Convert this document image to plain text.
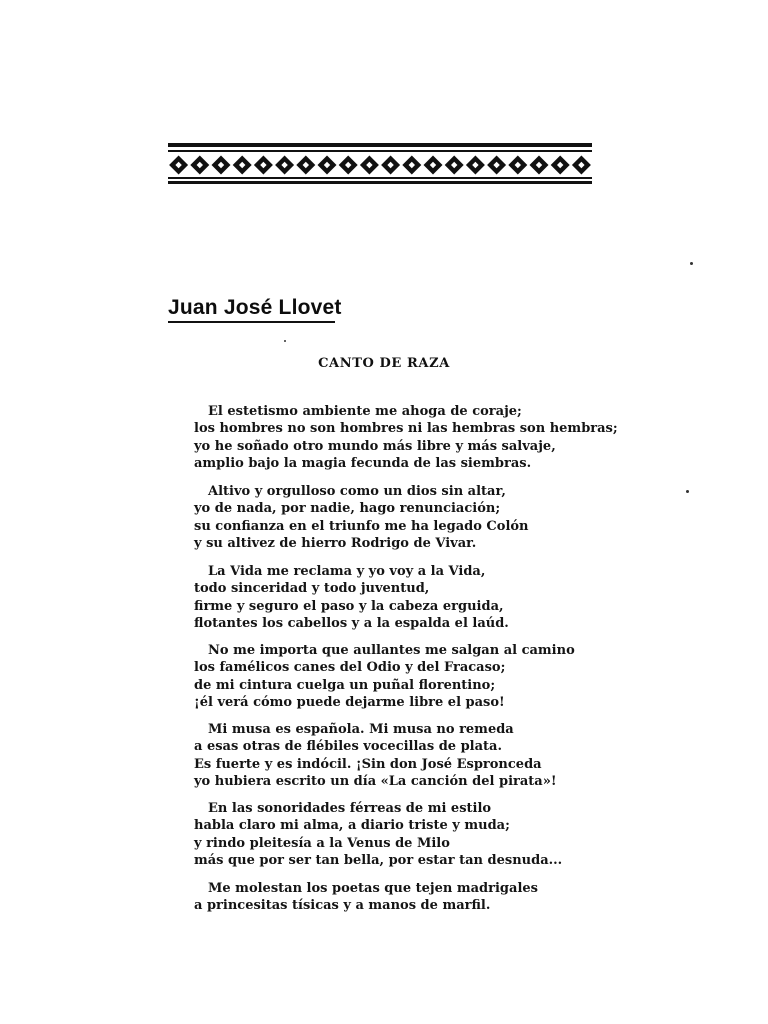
Juan José Llovet
CANTO DE RAZA
El estetismo ambiente me ahoga de coraje;
los hombres no son hombres ni las hembras son hembras;
yo he soñado otro mundo más libre y más salvaje,
amplio bajo la magia fecunda de las siembras.
Altivo y orgulloso como un dios sin altar,
yo de nada, por nadie, hago renunciación;
su confianza en el triunfo me ha legado Colón
y su altivez de hierro Rodrigo de Vivar.
La Vida me reclama y yo voy a la Vida,
todo sinceridad y todo juventud,
firme y seguro el paso y la cabeza erguida,
flotantes los cabellos y a la espalda el laúd.
No me importa que aullantes me salgan al camino
los famélicos canes del Odio y del Fracaso;
de mi cintura cuelga un puñal florentino;
¡él verá cómo puede dejarme libre el paso!
Mi musa es española. Mi musa no remeda
a esas otras de flébiles vocecillas de plata.
Es fuerte y es indócil. ¡Sin don José Espronceda
yo hubiera escrito un día «La canción del pirata»!
En las sonoridades férreas de mi estilo
habla claro mi alma, a diario triste y muda;
y rindo pleitesía a la Venus de Milo
más que por ser tan bella, por estar tan desnuda...
Me molestan los poetas que tejen madrigales
a princesitas tísicas y a manos de marfil.
